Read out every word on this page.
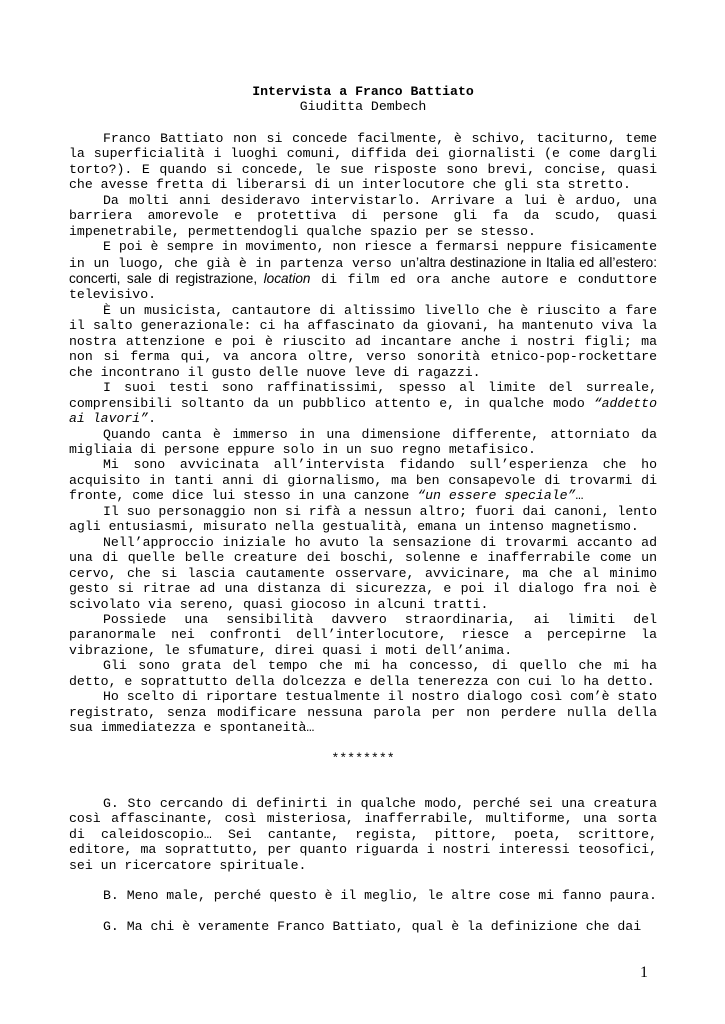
Intervista a Franco Battiato
Giuditta Dembech
Franco Battiato non si concede facilmente, è schivo, taciturno, teme la superficialità i luoghi comuni, diffida dei giornalisti (e come dargli torto?). E quando si concede, le sue risposte sono brevi, concise, quasi che avesse fretta di liberarsi di un interlocutore che gli sta stretto.
Da molti anni desideravo intervistarlo. Arrivare a lui è arduo, una barriera amorevole e protettiva di persone gli fa da scudo, quasi impenetrabile, permettendogli qualche spazio per se stesso.
E poi è sempre in movimento, non riesce a fermarsi neppure fisicamente in un luogo, che già è in partenza verso un’altra destinazione in Italia ed all’estero: concerti, sale di registrazione, location di film ed ora anche autore e conduttore televisivo.
È un musicista, cantautore di altissimo livello che è riuscito a fare il salto generazionale: ci ha affascinato da giovani, ha mantenuto viva la nostra attenzione e poi è riuscito ad incantare anche i nostri figli; ma non si ferma qui, va ancora oltre, verso sonorità etnico-pop-rockettare che incontrano il gusto delle nuove leve di ragazzi.
I suoi testi sono raffinatissimi, spesso al limite del surreale, comprensibili soltanto da un pubblico attento e, in qualche modo “addetto ai lavori”.
Quando canta è immerso in una dimensione differente, attorniato da migliaia di persone eppure solo in un suo regno metafisico.
Mi sono avvicinata all’intervista fidando sull’esperienza che ho acquisito in tanti anni di giornalismo, ma ben consapevole di trovarmi di fronte, come dice lui stesso in una canzone “un essere speciale”…
Il suo personaggio non si rifà a nessun altro; fuori dai canoni, lento agli entusiasmi, misurato nella gestualità, emana un intenso magnetismo.
Nell’approccio iniziale ho avuto la sensazione di trovarmi accanto ad una di quelle belle creature dei boschi, solenne e inafferrabile come un cervo, che si lascia cautamente osservare, avvicinare, ma che al minimo gesto si ritrae ad una distanza di sicurezza, e poi il dialogo fra noi è scivolato via sereno, quasi giocoso in alcuni tratti.
Possiede una sensibilità davvero straordinaria, ai limiti del paranormale nei confronti dell’interlocutore, riesce a percepirne la vibrazione, le sfumature, direi quasi i moti dell’anima.
Gli sono grata del tempo che mi ha concesso, di quello che mi ha detto, e soprattutto della dolcezza e della tenerezza con cui lo ha detto.
Ho scelto di riportare testualmente il nostro dialogo così com’è stato registrato, senza modificare nessuna parola per non perdere nulla della sua immediatezza e spontaneità…
********
G. Sto cercando di definirti in qualche modo, perché sei una creatura così affascinante, così misteriosa, inafferrabile, multiforme, una sorta di caleidoscopio… Sei cantante, regista, pittore, poeta, scrittore, editore, ma soprattutto, per quanto riguarda i nostri interessi teosofici, sei un ricercatore spirituale.
B. Meno male, perché questo è il meglio, le altre cose mi fanno paura.
G. Ma chi è veramente Franco Battiato, qual è la definizione che dai
1
